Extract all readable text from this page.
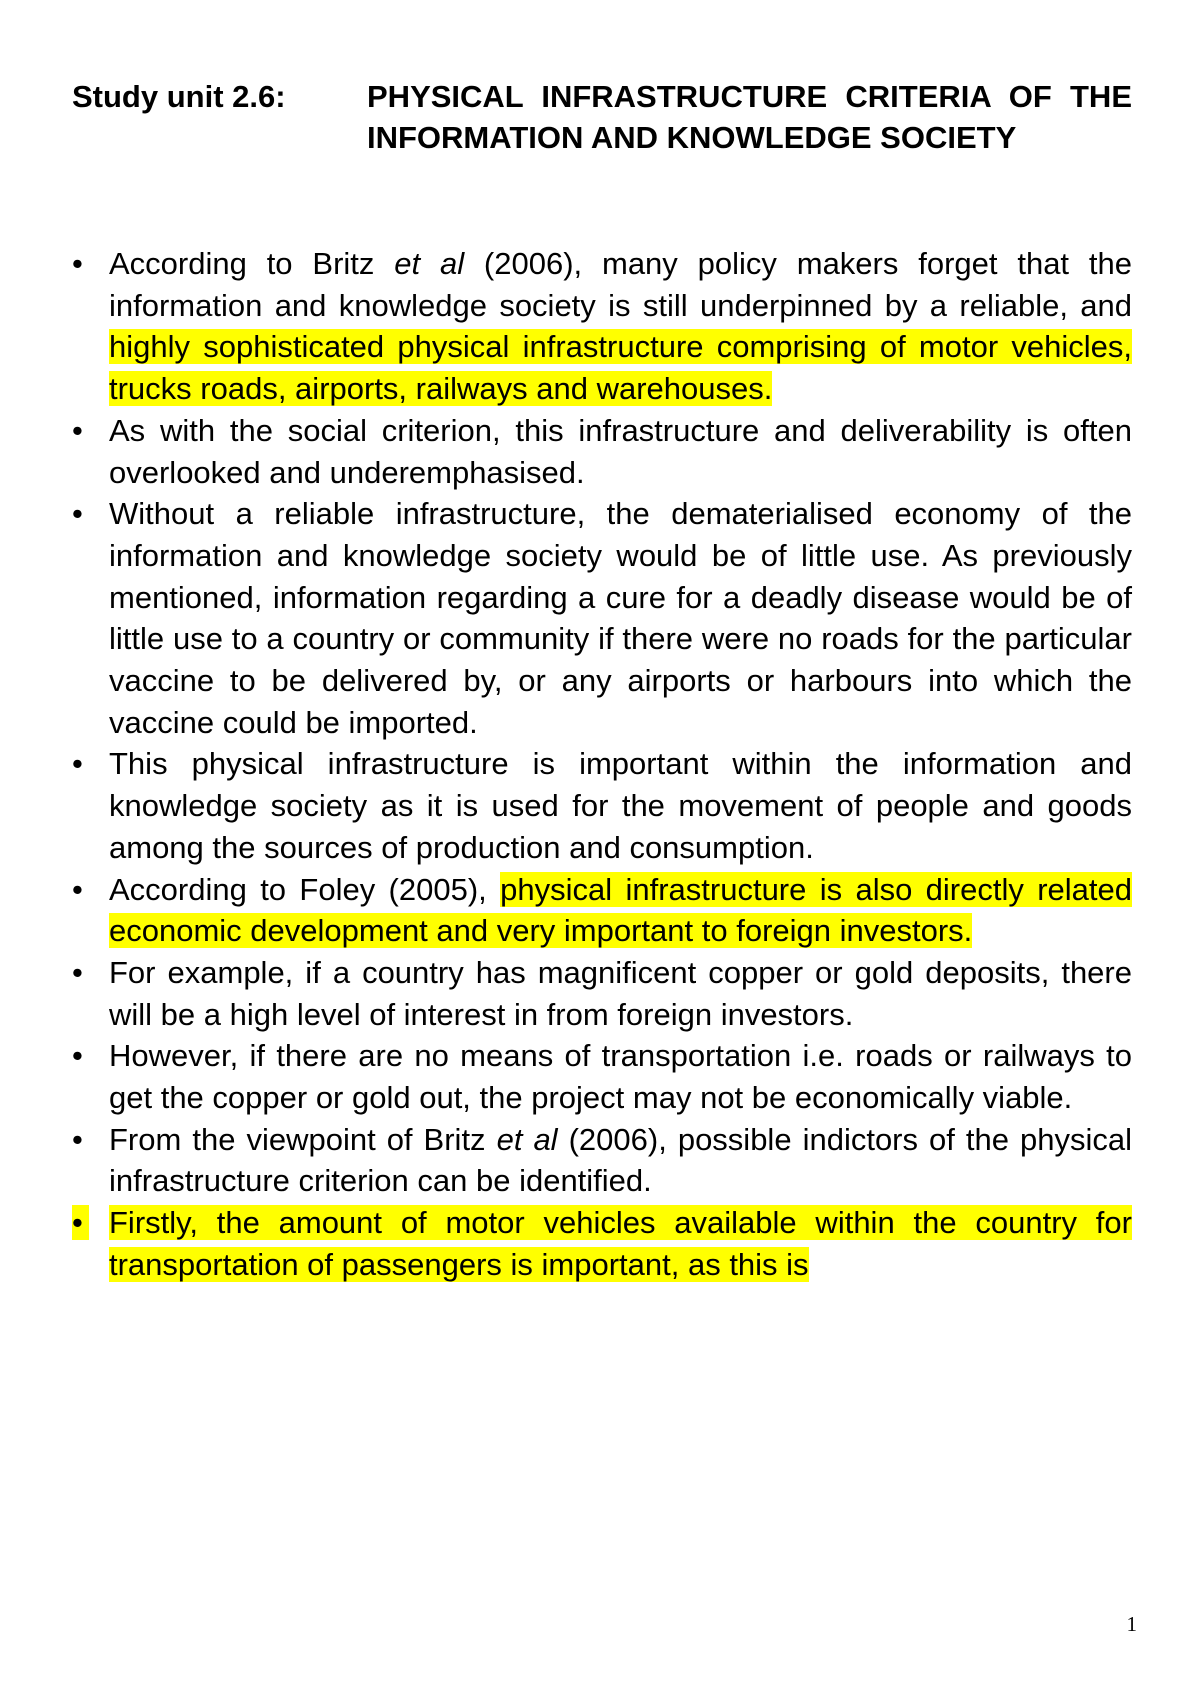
Study unit 2.6:	PHYSICAL INFRASTRUCTURE CRITERIA OF THE INFORMATION AND KNOWLEDGE SOCIETY
• According to Britz et al (2006), many policy makers forget that the information and knowledge society is still underpinned by a reliable, and highly sophisticated physical infrastructure comprising of motor vehicles, trucks roads, airports, railways and warehouses.
• As with the social criterion, this infrastructure and deliverability is often overlooked and underemphasised.
• Without a reliable infrastructure, the dematerialised economy of the information and knowledge society would be of little use. As previously mentioned, information regarding a cure for a deadly disease would be of little use to a country or community if there were no roads for the particular vaccine to be delivered by, or any airports or harbours into which the vaccine could be imported.
• This physical infrastructure is important within the information and knowledge society as it is used for the movement of people and goods among the sources of production and consumption.
• According to Foley (2005), physical infrastructure is also directly related economic development and very important to foreign investors.
• For example, if a country has magnificent copper or gold deposits, there will be a high level of interest in from foreign investors.
• However, if there are no means of transportation i.e. roads or railways to get the copper or gold out, the project may not be economically viable.
• From the viewpoint of Britz et al (2006), possible indictors of the physical infrastructure criterion can be identified.
• Firstly, the amount of motor vehicles available within the country for transportation of passengers is important, as this is
1
